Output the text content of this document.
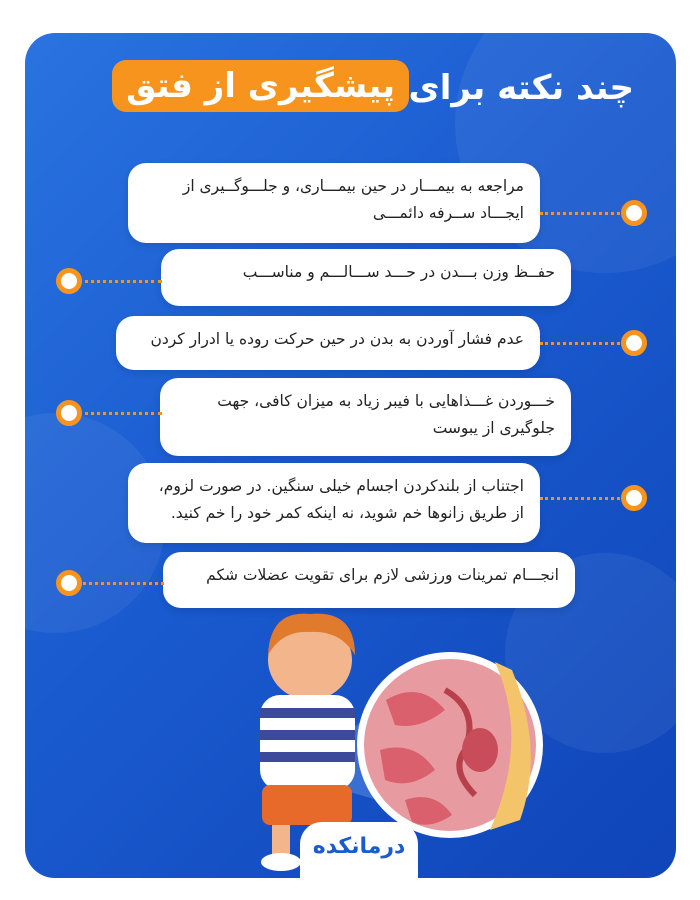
چند نکته برای
پیشگیری از فتق
مراجعه به بیمـــار در حین بیمـــاری، و جلـــوگــیری از ایجـــاد ســرفه دائمـــی
حفــظ وزن بـــدن در حـــد ســـالـــم و مناســـب
عدم فشار آوردن به بدن در حین حرکت روده یا ادرار کردن
خـــوردن غـــذاهایی با فیبر زیاد به میزان کافی، جهت جلوگیری از یبوست
اجتناب از بلندکردن اجسام خیلی سنگین. در صورت لزوم، از طریق زانوها خم شوید، نه اینکه کمر خود را خم کنید.
انجـــام تمرینات ورزشی لازم برای تقویت عضلات شکم
درمانکده
